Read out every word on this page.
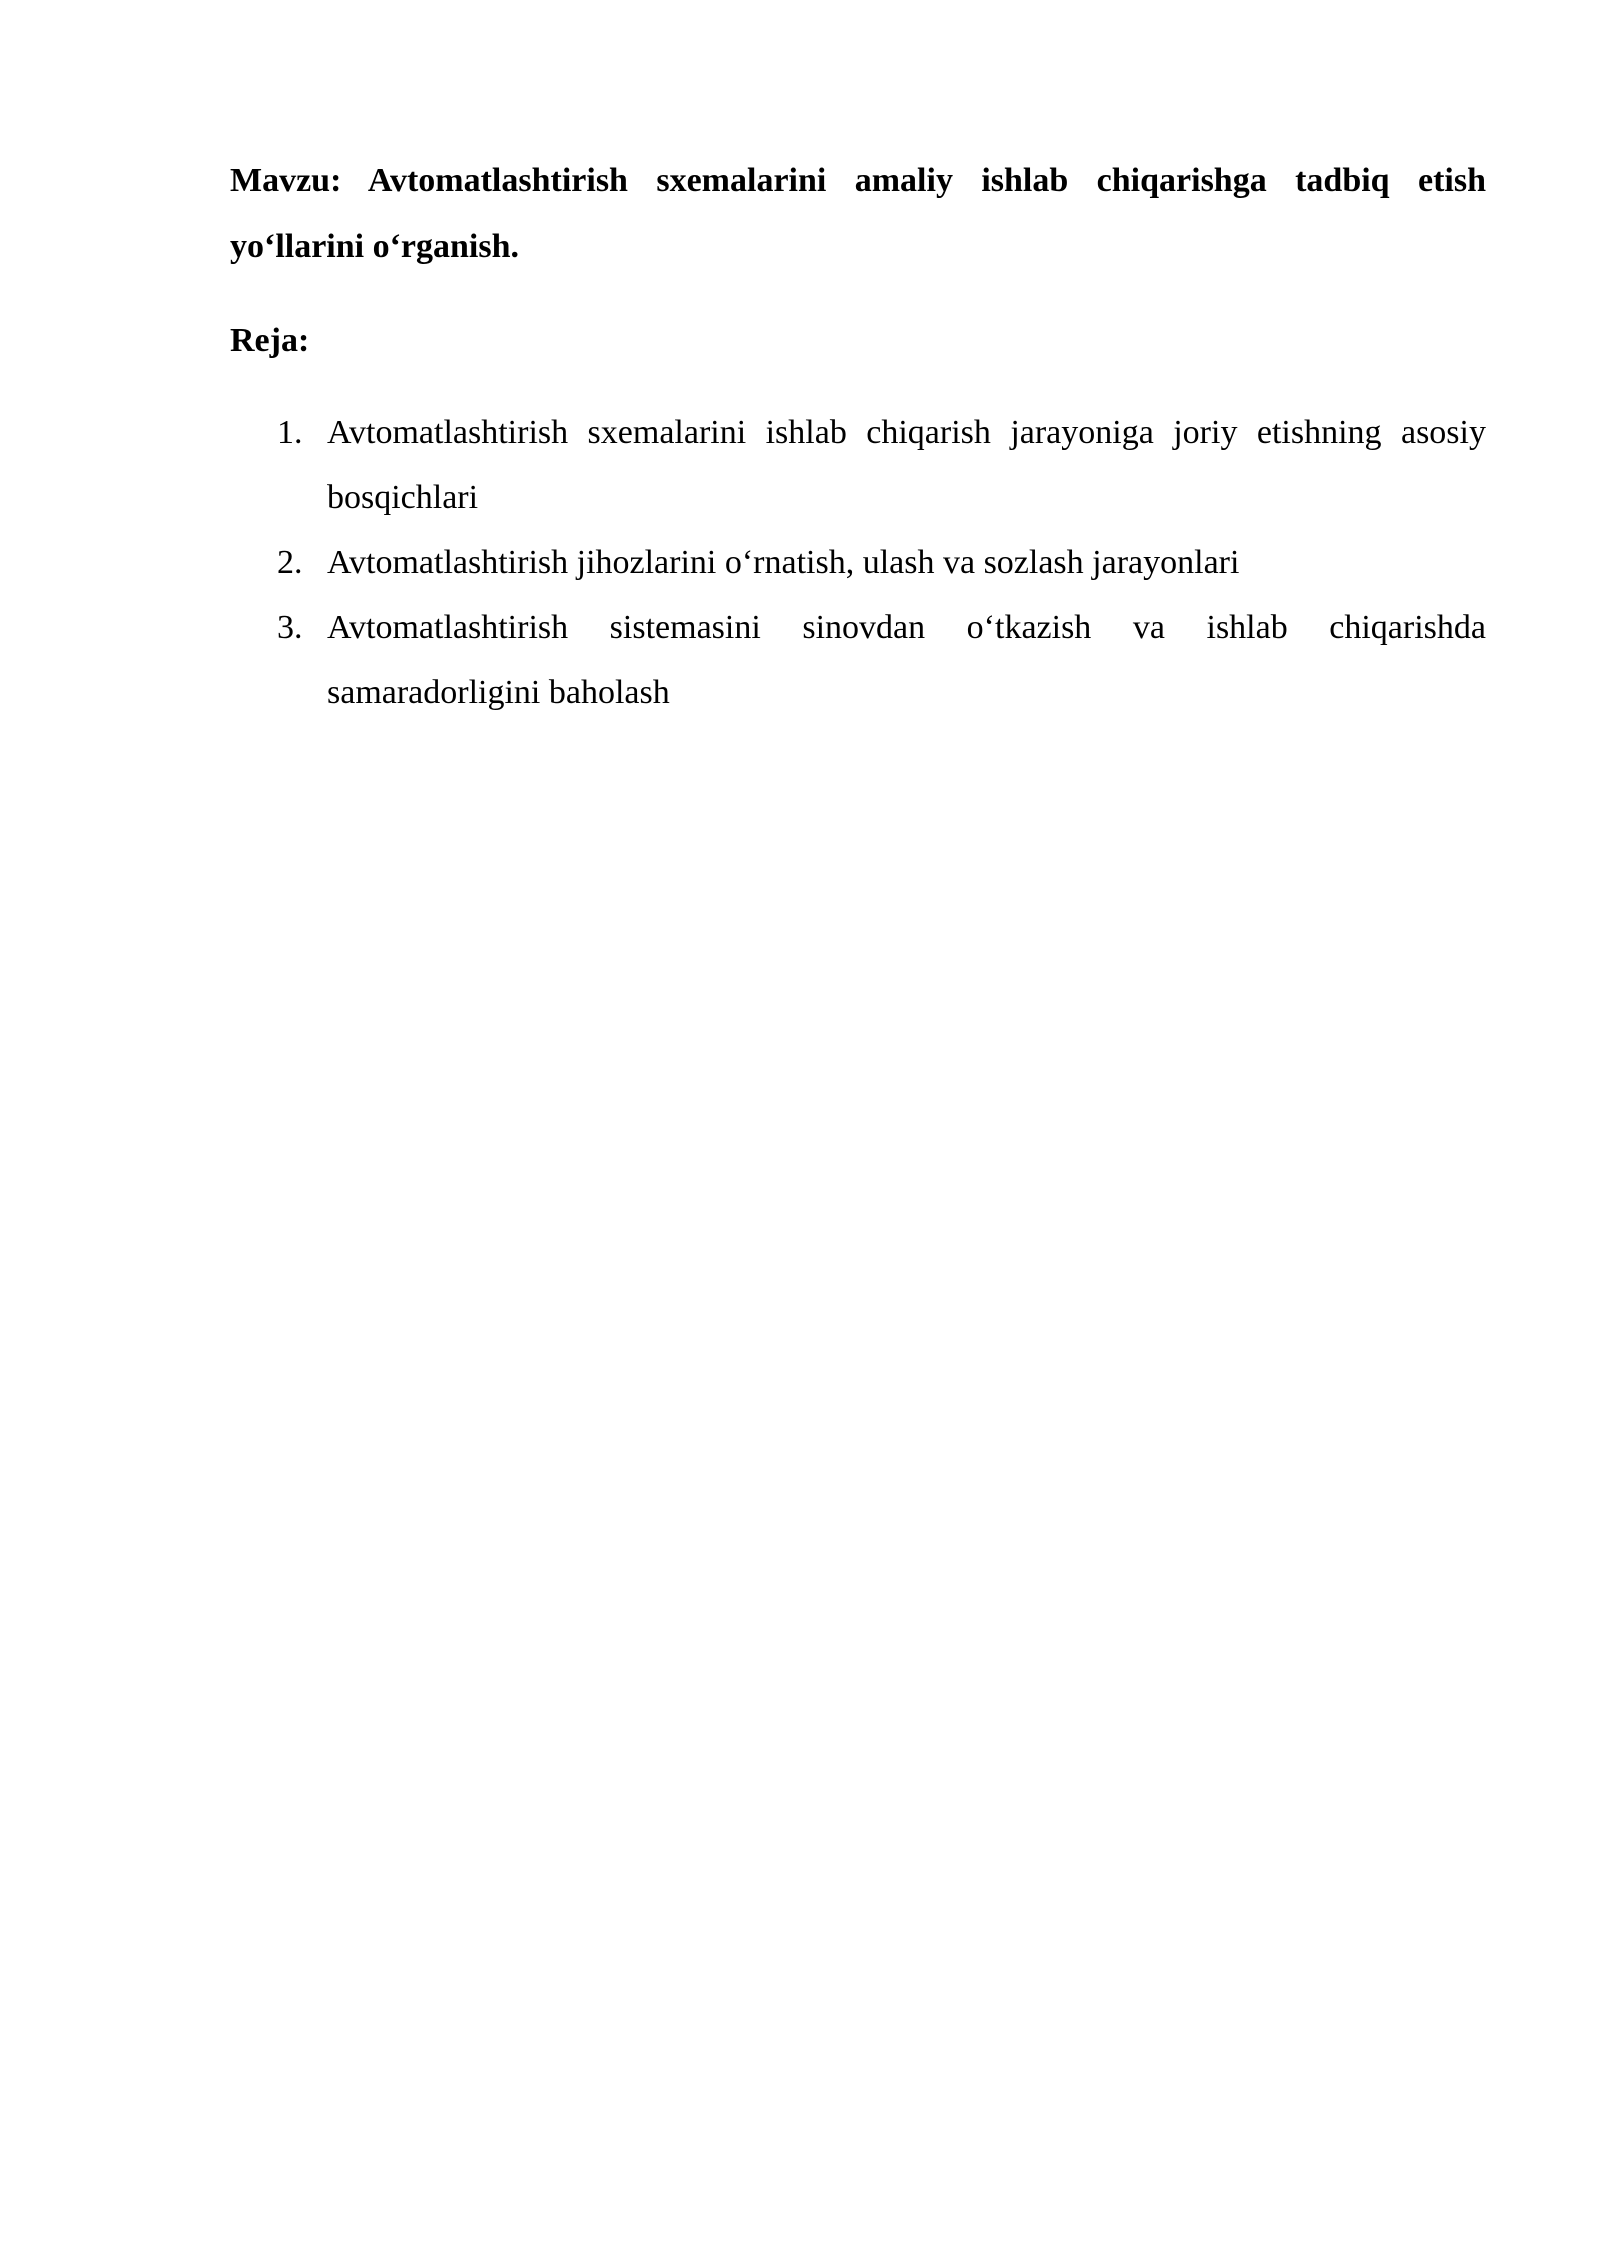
Mavzu: Avtomatlashtirish sxemalarini amaliy ishlab chiqarishga tadbiq etish yo‘llarini o‘rganish.

Reja:

1. Avtomatlashtirish sxemalarini ishlab chiqarish jarayoniga joriy etishning asosiy bosqichlari
2. Avtomatlashtirish jihozlarini o‘rnatish, ulash va sozlash jarayonlari
3. Avtomatlashtirish sistemasini sinovdan o‘tkazish va ishlab chiqarishda samaradorligini baholash
